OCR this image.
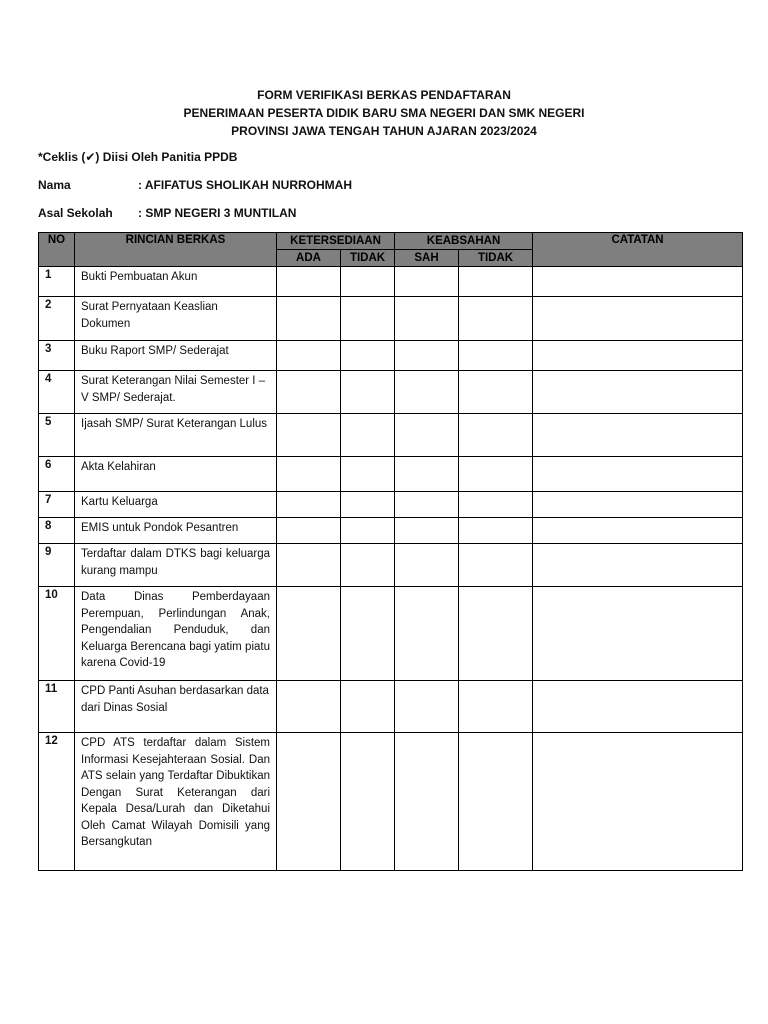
FORM VERIFIKASI BERKAS PENDAFTARAN
PENERIMAAN PESERTA DIDIK BARU SMA NEGERI DAN SMK NEGERI
PROVINSI JAWA TENGAH TAHUN AJARAN 2023/2024
*Ceklis (✔) Diisi Oleh Panitia PPDB
Nama	: AFIFATUS SHOLIKAH NURROHMAH
Asal Sekolah : SMP NEGERI 3 MUNTILAN
NO	RINCIAN BERKAS	KETERSEDIAAN		KEABSAHAN		CATATAN
		ADA	TIDAK	SAH	TIDAK	
1	Bukti Pembuatan Akun					
2	Surat Pernyataan Keaslian Dokumen					
3	Buku Raport SMP/ Sederajat					
4	Surat Keterangan Nilai Semester I – V SMP/ Sederajat.					
5	Ijasah SMP/ Surat Keterangan Lulus					
6	Akta Kelahiran					
7	Kartu Keluarga					
8	EMIS untuk Pondok Pesantren					
9	Terdaftar dalam DTKS bagi keluarga kurang mampu					
10	Data Dinas Pemberdayaan Perempuan, Perlindungan Anak, Pengendalian Penduduk, dan Keluarga Berencana bagi yatim piatu karena Covid-19					
11	CPD Panti Asuhan berdasarkan data dari Dinas Sosial					
12	CPD ATS terdaftar dalam Sistem Informasi Kesejahteraan Sosial. Dan ATS selain yang Terdaftar Dibuktikan Dengan Surat Keterangan dari Kepala Desa/Lurah dan Diketahui Oleh Camat Wilayah Domisili yang Bersangkutan					
